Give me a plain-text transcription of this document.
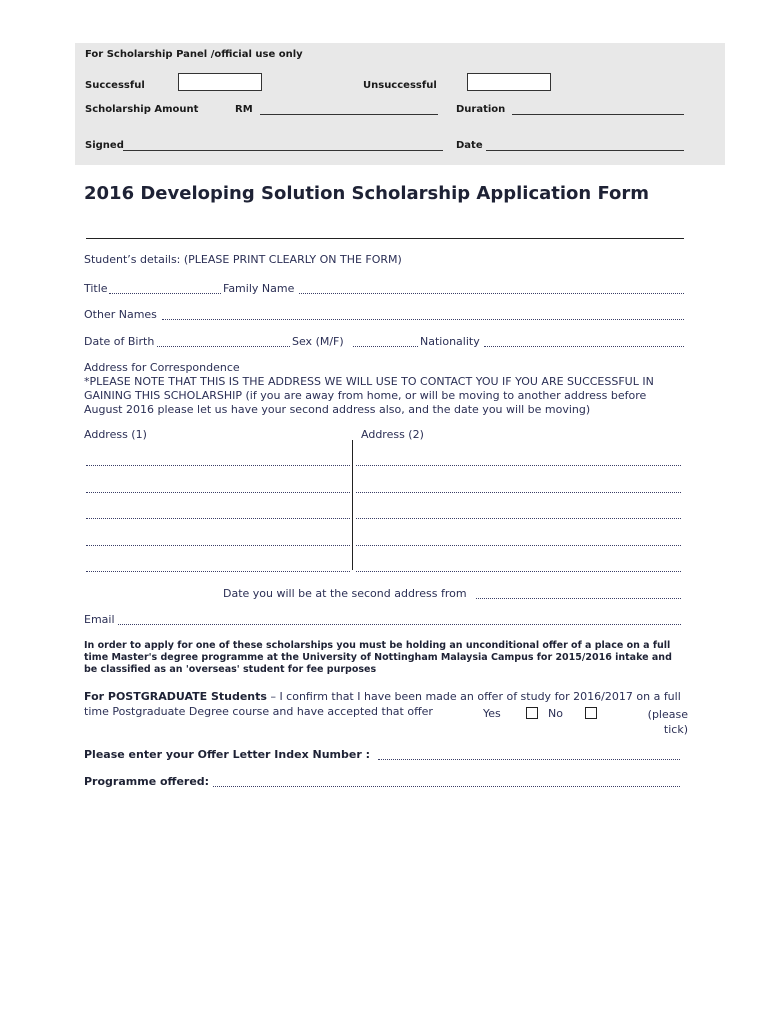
For Scholarship Panel /official use only
Successful	Unsuccessful
Scholarship Amount	RM	Duration
Signed	Date
2016 Developing Solution Scholarship Application Form
Student’s details: (PLEASE PRINT CLEARLY ON THE FORM)
Title	Family Name
Other Names
Date of Birth	Sex (M/F)	Nationality
Address for Correspondence
*PLEASE NOTE THAT THIS IS THE ADDRESS WE WILL USE TO CONTACT YOU IF YOU ARE SUCCESSFUL IN GAINING THIS SCHOLARSHIP (if you are away from home, or will be moving to another address before August 2016 please let us have your second address also, and the date you will be moving)
Address (1)	Address (2)
Date you will be at the second address from
Email
In order to apply for one of these scholarships you must be holding an unconditional offer of a place on a full time Master's degree programme at the University of Nottingham Malaysia Campus for 2015/2016 intake and be classified as an 'overseas' student for fee purposes
For POSTGRADUATE Students – I confirm that I have been made an offer of study for 2016/2017 on a full time Postgraduate Degree course and have accepted that offer	Yes	No	(please tick)
Please enter your Offer Letter Index Number :
Programme offered:
